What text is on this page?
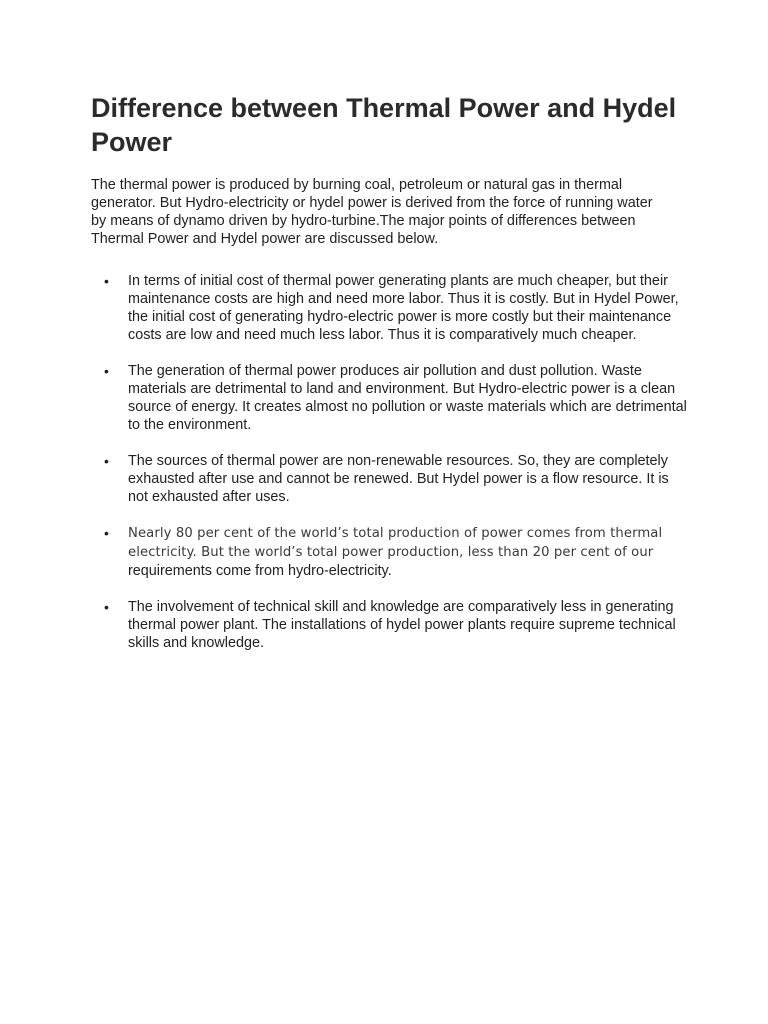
Difference between Thermal Power and Hydel Power

The thermal power is produced by burning coal, petroleum or natural gas in thermal generator. But Hydro-electricity or hydel power is derived from the force of running water by means of dynamo driven by hydro-turbine.The major points of differences between Thermal Power and Hydel power are discussed below.

• In terms of initial cost of thermal power generating plants are much cheaper, but their maintenance costs are high and need more labor. Thus it is costly. But in Hydel Power, the initial cost of generating hydro-electric power is more costly but their maintenance costs are low and need much less labor. Thus it is comparatively much cheaper.
• The generation of thermal power produces air pollution and dust pollution. Waste materials are detrimental to land and environment. But Hydro-electric power is a clean source of energy. It creates almost no pollution or waste materials which are detrimental to the environment.
• The sources of thermal power are non-renewable resources. So, they are completely exhausted after use and cannot be renewed. But Hydel power is a flow resource. It is not exhausted after uses.
• Nearly 80 per cent of the world’s total production of power comes from thermal electricity. But the world’s total power production, less than 20 per cent of our
requirements come from hydro-electricity.
• The involvement of technical skill and knowledge are comparatively less in generating thermal power plant. The installations of hydel power plants require supreme technical skills and knowledge.
